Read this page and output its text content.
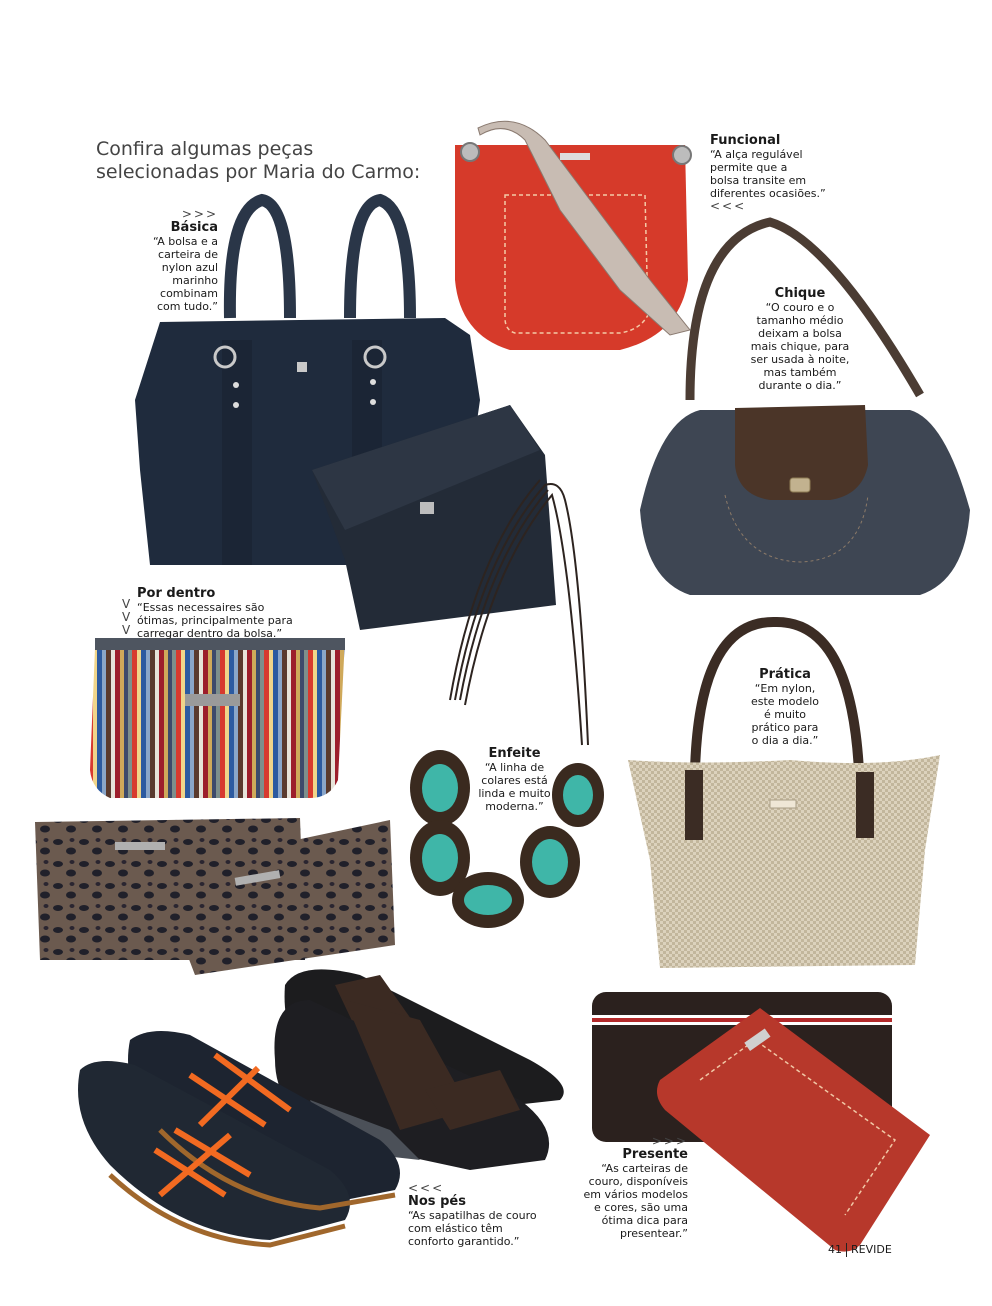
Confira algumas peças
selecionadas por Maria do Carmo:
>>>
Básica
“A bolsa e a
carteira de
nylon azul
marinho
combinam
com tudo.”
Funcional
“A alça regulável
permite que a
bolsa transite em
diferentes ocasiões.”
<<<
Chique
“O couro e o
tamanho médio
deixam a bolsa
mais chique, para
ser usada à noite,
mas também
durante o dia.”
V
V
V
Por dentro
“Essas necessaires são
ótimas, principalmente para
carregar dentro da bolsa.”
Prática
“Em nylon,
este modelo
é muito
prático para
o dia a dia.”
Enfeite
“A linha de
colares está
linda e muito
moderna.”
>>>
Presente
“As carteiras de
couro, disponíveis
em vários modelos
e cores, são uma
ótima dica para
presentear.”
<<<
Nos pés
“As sapatilhas de couro
com elástico têm
conforto garantido.”
41 REVIDE
